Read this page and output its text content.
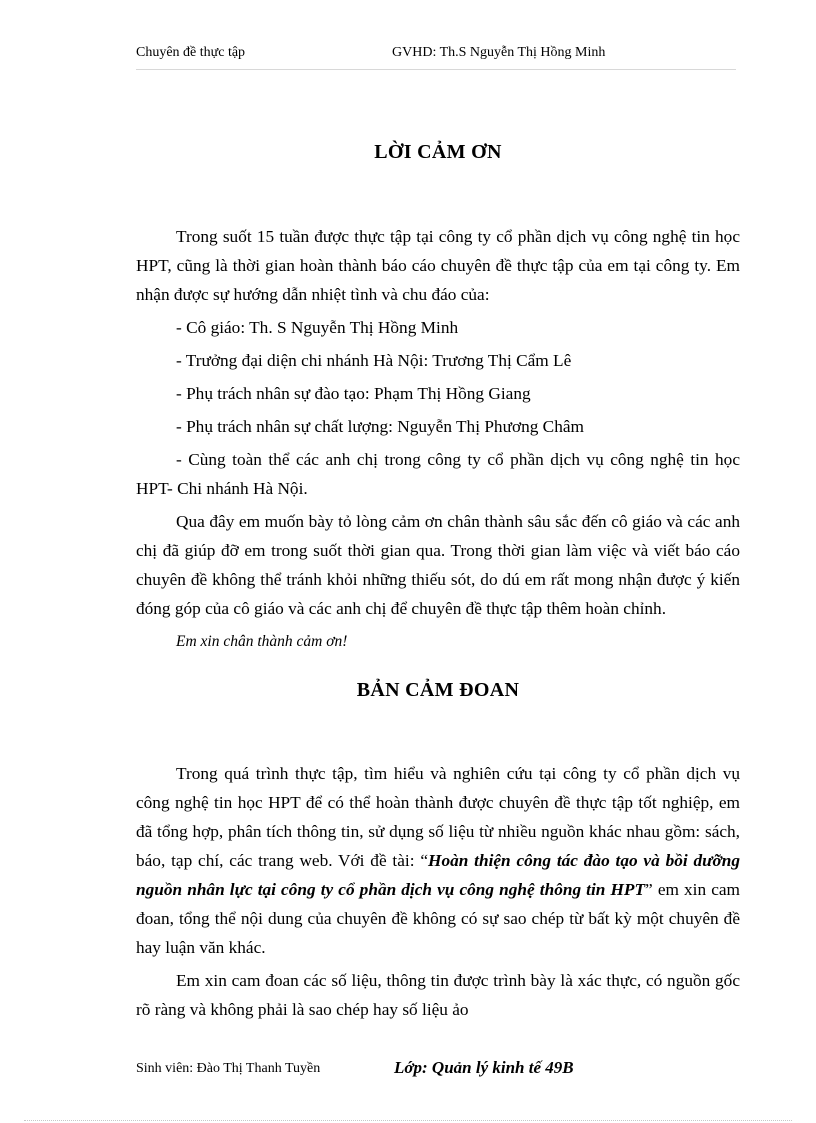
Chuyên đề thực tập	GVHD: Th.S Nguyễn Thị Hồng Minh
LỜI CẢM ƠN

Trong suốt 15 tuần được thực tập tại công ty cổ phần dịch vụ công nghệ tin học HPT, cũng là thời gian hoàn thành báo cáo chuyên đề thực tập của em tại công ty. Em nhận được sự hướng dẫn nhiệt tình và chu đáo của:

- Cô giáo: Th. S Nguyễn Thị Hồng Minh

- Trưởng đại diện chi nhánh Hà Nội: Trương Thị Cẩm Lê

- Phụ trách nhân sự đào tạo: Phạm Thị Hồng Giang

- Phụ trách nhân sự chất lượng: Nguyễn Thị Phương Châm

- Cùng toàn thể các anh chị trong công ty cổ phần dịch vụ công nghệ tin học HPT- Chi nhánh Hà Nội.

Qua đây em muốn bày tỏ lòng cảm ơn chân thành sâu sắc đến cô giáo và các anh chị đã giúp đỡ em trong suốt thời gian qua. Trong thời gian làm việc và viết báo cáo chuyên đề không thể tránh khỏi những thiếu sót, do dú em rất mong nhận được ý kiến đóng góp của cô giáo và các anh chị để chuyên đề thực tập thêm hoàn chỉnh.

Em xin chân thành cảm ơn!

BẢN CẢM ĐOAN

Trong quá trình thực tập, tìm hiểu và nghiên cứu tại công ty cổ phần dịch vụ công nghệ tin học HPT để có thể hoàn thành được chuyên đề thực tập tốt nghiệp, em đã tổng hợp, phân tích thông tin, sử dụng số liệu từ nhiều nguồn khác nhau gồm: sách, báo, tạp chí, các trang web. Với đề tài: “Hoàn thiện công tác đào tạo và bồi dưỡng nguồn nhân lực tại công ty cổ phần dịch vụ công nghệ thông tin HPT” em xin cam đoan, tổng thể nội dung của chuyên đề không có sự sao chép từ bất kỳ một chuyên đề hay luận văn khác.

Em xin cam đoan các số liệu, thông tin được trình bày là xác thực, có nguồn gốc rõ ràng và không phải là sao chép hay số liệu ảo

Sinh viên: Đào Thị Thanh Tuyền	Lớp: Quản lý kinh tế 49B
